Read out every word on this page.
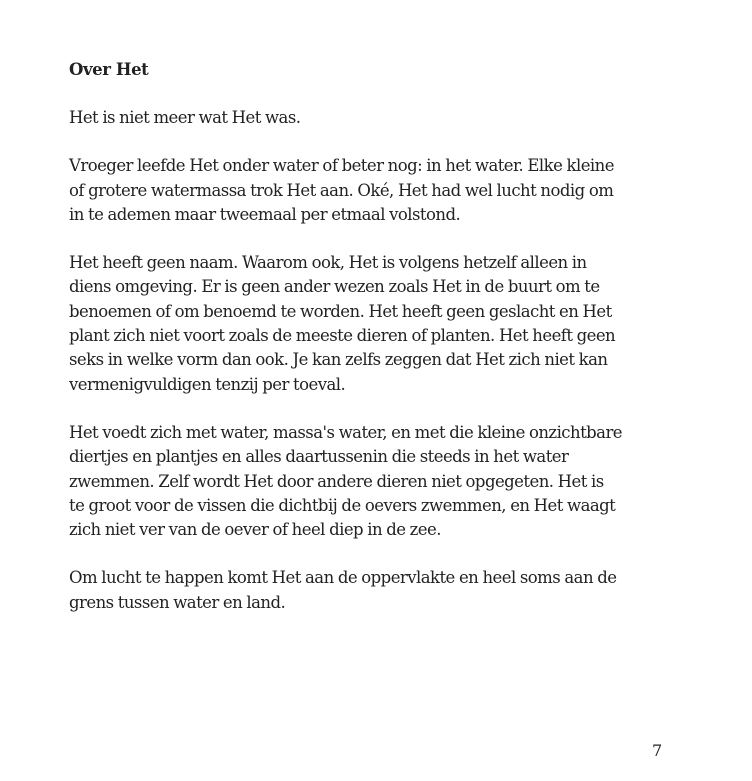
Over Het

Het is niet meer wat Het was.

Vroeger leefde Het onder water of beter nog: in het water. Elke kleine
of grotere watermassa trok Het aan. Oké, Het had wel lucht nodig om
in te ademen maar tweemaal per etmaal volstond.

Het heeft geen naam. Waarom ook, Het is volgens hetzelf alleen in
diens omgeving. Er is geen ander wezen zoals Het in de buurt om te
benoemen of om benoemd te worden. Het heeft geen geslacht en Het
plant zich niet voort zoals de meeste dieren of planten. Het heeft geen
seks in welke vorm dan ook. Je kan zelfs zeggen dat Het zich niet kan
vermenigvuldigen tenzij per toeval.

Het voedt zich met water, massa's water, en met die kleine onzichtbare
diertjes en plantjes en alles daartussenin die steeds in het water
zwemmen. Zelf wordt Het door andere dieren niet opgegeten. Het is
te groot voor de vissen die dichtbij de oevers zwemmen, en Het waagt
zich niet ver van de oever of heel diep in de zee.

Om lucht te happen komt Het aan de oppervlakte en heel soms aan de
grens tussen water en land.

7
